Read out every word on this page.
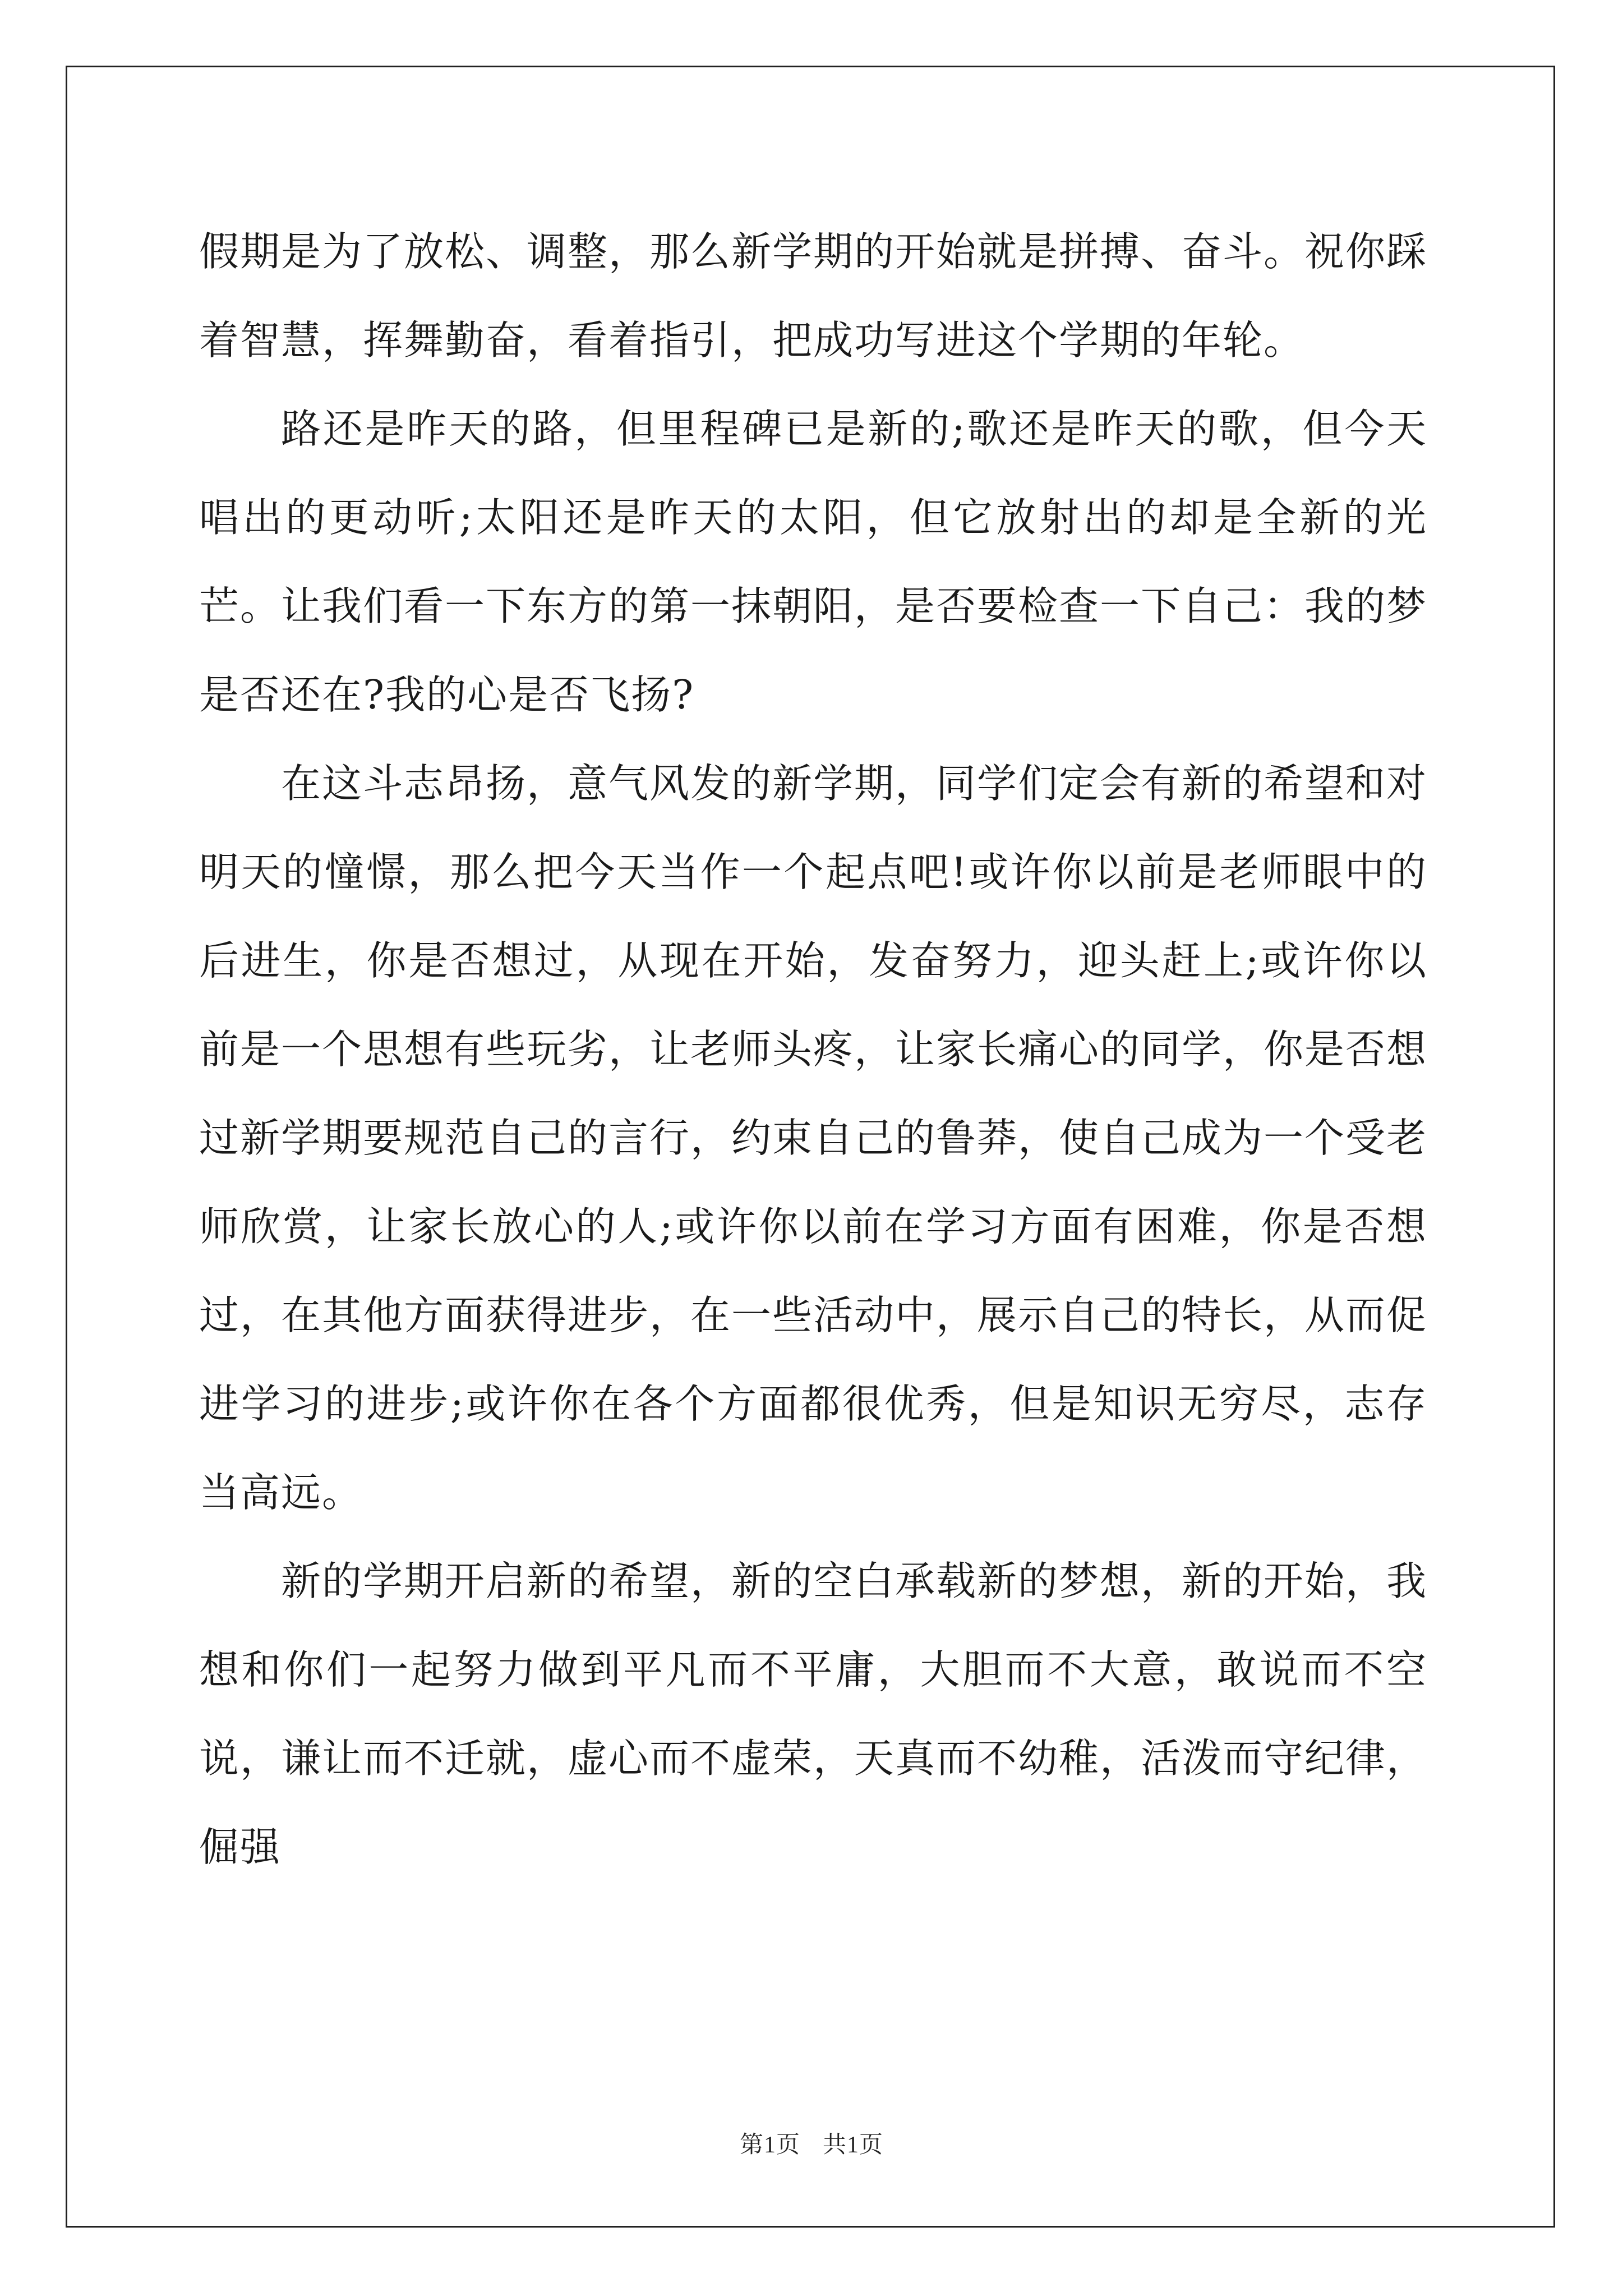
假期是为了放松、调整，那么新学期的开始就是拼搏、奋斗。祝你踩着智慧，挥舞勤奋，看着指引，把成功写进这个学期的年轮。

路还是昨天的路，但里程碑已是新的;歌还是昨天的歌，但今天唱出的更动听;太阳还是昨天的太阳，但它放射出的却是全新的光芒。让我们看一下东方的第一抹朝阳，是否要检查一下自己：我的梦是否还在?我的心是否飞扬?

在这斗志昂扬，意气风发的新学期，同学们定会有新的希望和对明天的憧憬，那么把今天当作一个起点吧!或许你以前是老师眼中的后进生，你是否想过，从现在开始，发奋努力，迎头赶上;或许你以前是一个思想有些玩劣，让老师头疼，让家长痛心的同学，你是否想过新学期要规范自己的言行，约束自己的鲁莽，使自己成为一个受老师欣赏，让家长放心的人;或许你以前在学习方面有困难，你是否想过，在其他方面获得进步，在一些活动中，展示自己的特长，从而促进学习的进步;或许你在各个方面都很优秀，但是知识无穷尽，志存当高远。

新的学期开启新的希望，新的空白承载新的梦想，新的开始，我想和你们一起努力做到平凡而不平庸，大胆而不大意，敢说而不空说，谦让而不迁就，虚心而不虚荣，天真而不幼稚，活泼而守纪律，倔强

第1页 共1页
